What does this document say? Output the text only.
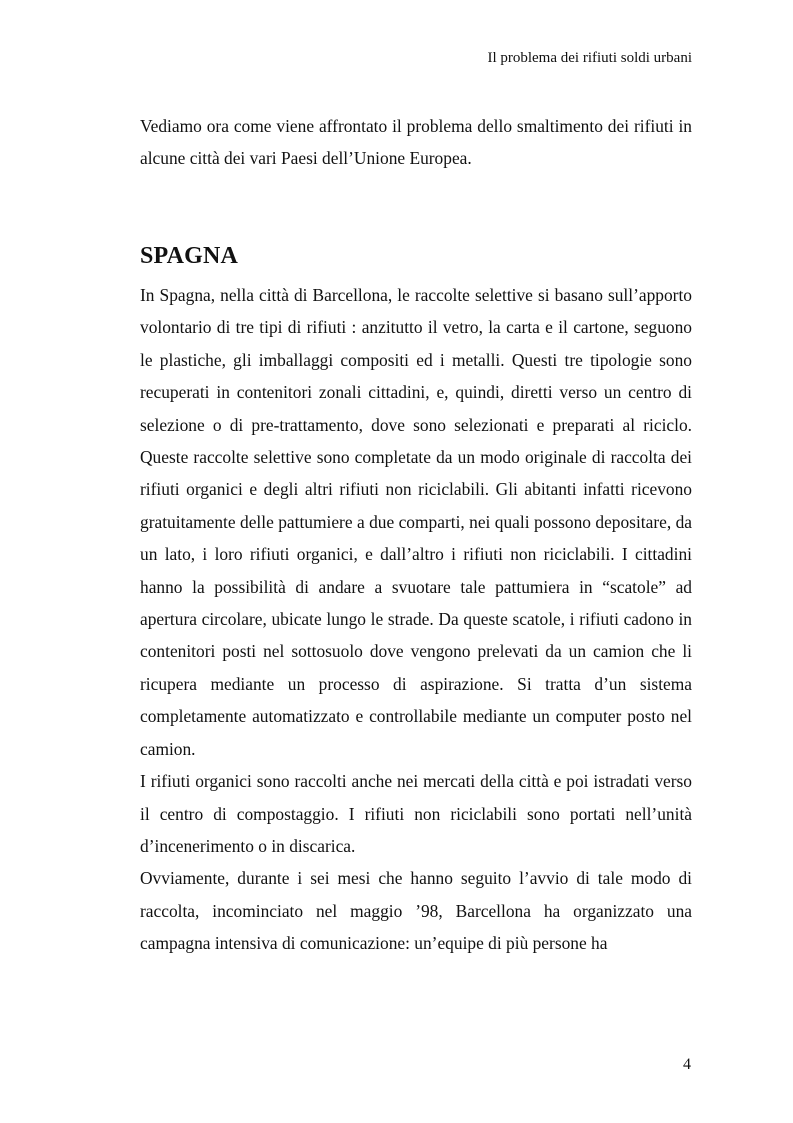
Il problema dei rifiuti soldi urbani

Vediamo ora come viene affrontato il problema dello smaltimento dei rifiuti in alcune città dei vari Paesi dell’Unione Europea.

SPAGNA

In Spagna, nella città di Barcellona, le raccolte selettive si basano sull’apporto volontario di tre tipi di rifiuti : anzitutto il vetro, la carta e il cartone, seguono le plastiche, gli imballaggi compositi ed i metalli. Questi tre tipologie sono recuperati in contenitori zonali cittadini, e, quindi, diretti verso un centro di selezione o di pre-trattamento, dove sono selezionati e preparati al riciclo. Queste raccolte selettive sono completate da un modo originale di raccolta dei rifiuti organici e degli altri rifiuti non riciclabili. Gli abitanti infatti ricevono gratuitamente delle pattumiere a due comparti, nei quali possono depositare, da un lato, i loro rifiuti organici, e dall’altro i rifiuti non riciclabili. I cittadini hanno la possibilità di andare a svuotare tale pattumiera in “scatole” ad apertura circolare, ubicate lungo le strade. Da queste scatole, i rifiuti cadono in contenitori posti nel sottosuolo dove vengono prelevati da un camion che li ricupera mediante un processo di aspirazione. Si tratta d’un sistema completamente automatizzato e controllabile mediante un computer posto nel camion.

I rifiuti organici sono raccolti anche nei mercati della città e poi istradati verso il centro di compostaggio. I rifiuti non riciclabili sono portati nell’unità d’incenerimento o in discarica.

Ovviamente, durante i sei mesi che hanno seguito l’avvio di tale modo di raccolta, incominciato nel maggio ’98, Barcellona ha organizzato una campagna intensiva di comunicazione: un’equipe di più persone ha

4
